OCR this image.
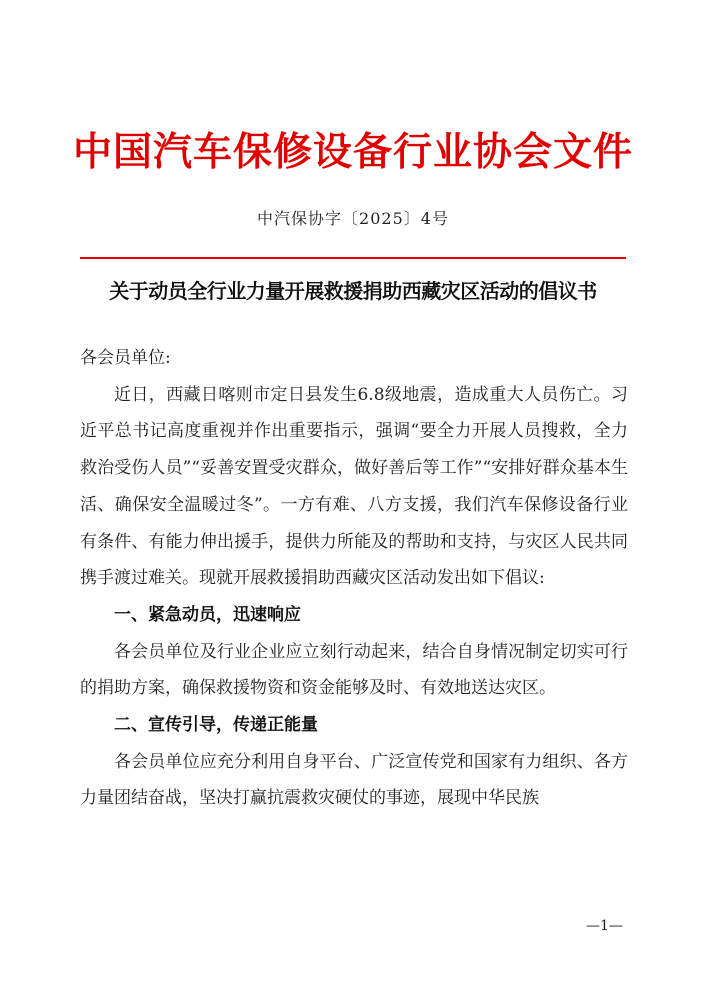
中国汽车保修设备行业协会文件
中汽保协字〔2025〕4号
关于动员全行业力量开展救援捐助西藏灾区活动的倡议书

各会员单位:

近日，西藏日喀则市定日县发生6.8级地震，造成重大人员伤亡。习近平总书记高度重视并作出重要指示，强调“要全力开展人员搜救，全力救治受伤人员”“妥善安置受灾群众，做好善后等工作”“安排好群众基本生活、确保安全温暖过冬”。一方有难、八方支援，我们汽车保修设备行业有条件、有能力伸出援手，提供力所能及的帮助和支持，与灾区人民共同携手渡过难关。现就开展救援捐助西藏灾区活动发出如下倡议:

一、紧急动员，迅速响应

各会员单位及行业企业应立刻行动起来，结合自身情况制定切实可行的捐助方案，确保救援物资和资金能够及时、有效地送达灾区。

二、宣传引导，传递正能量

各会员单位应充分利用自身平台、广泛宣传党和国家有力组织、各方力量团结奋战，坚决打赢抗震救灾硬仗的事迹，展现中华民族

—1—
